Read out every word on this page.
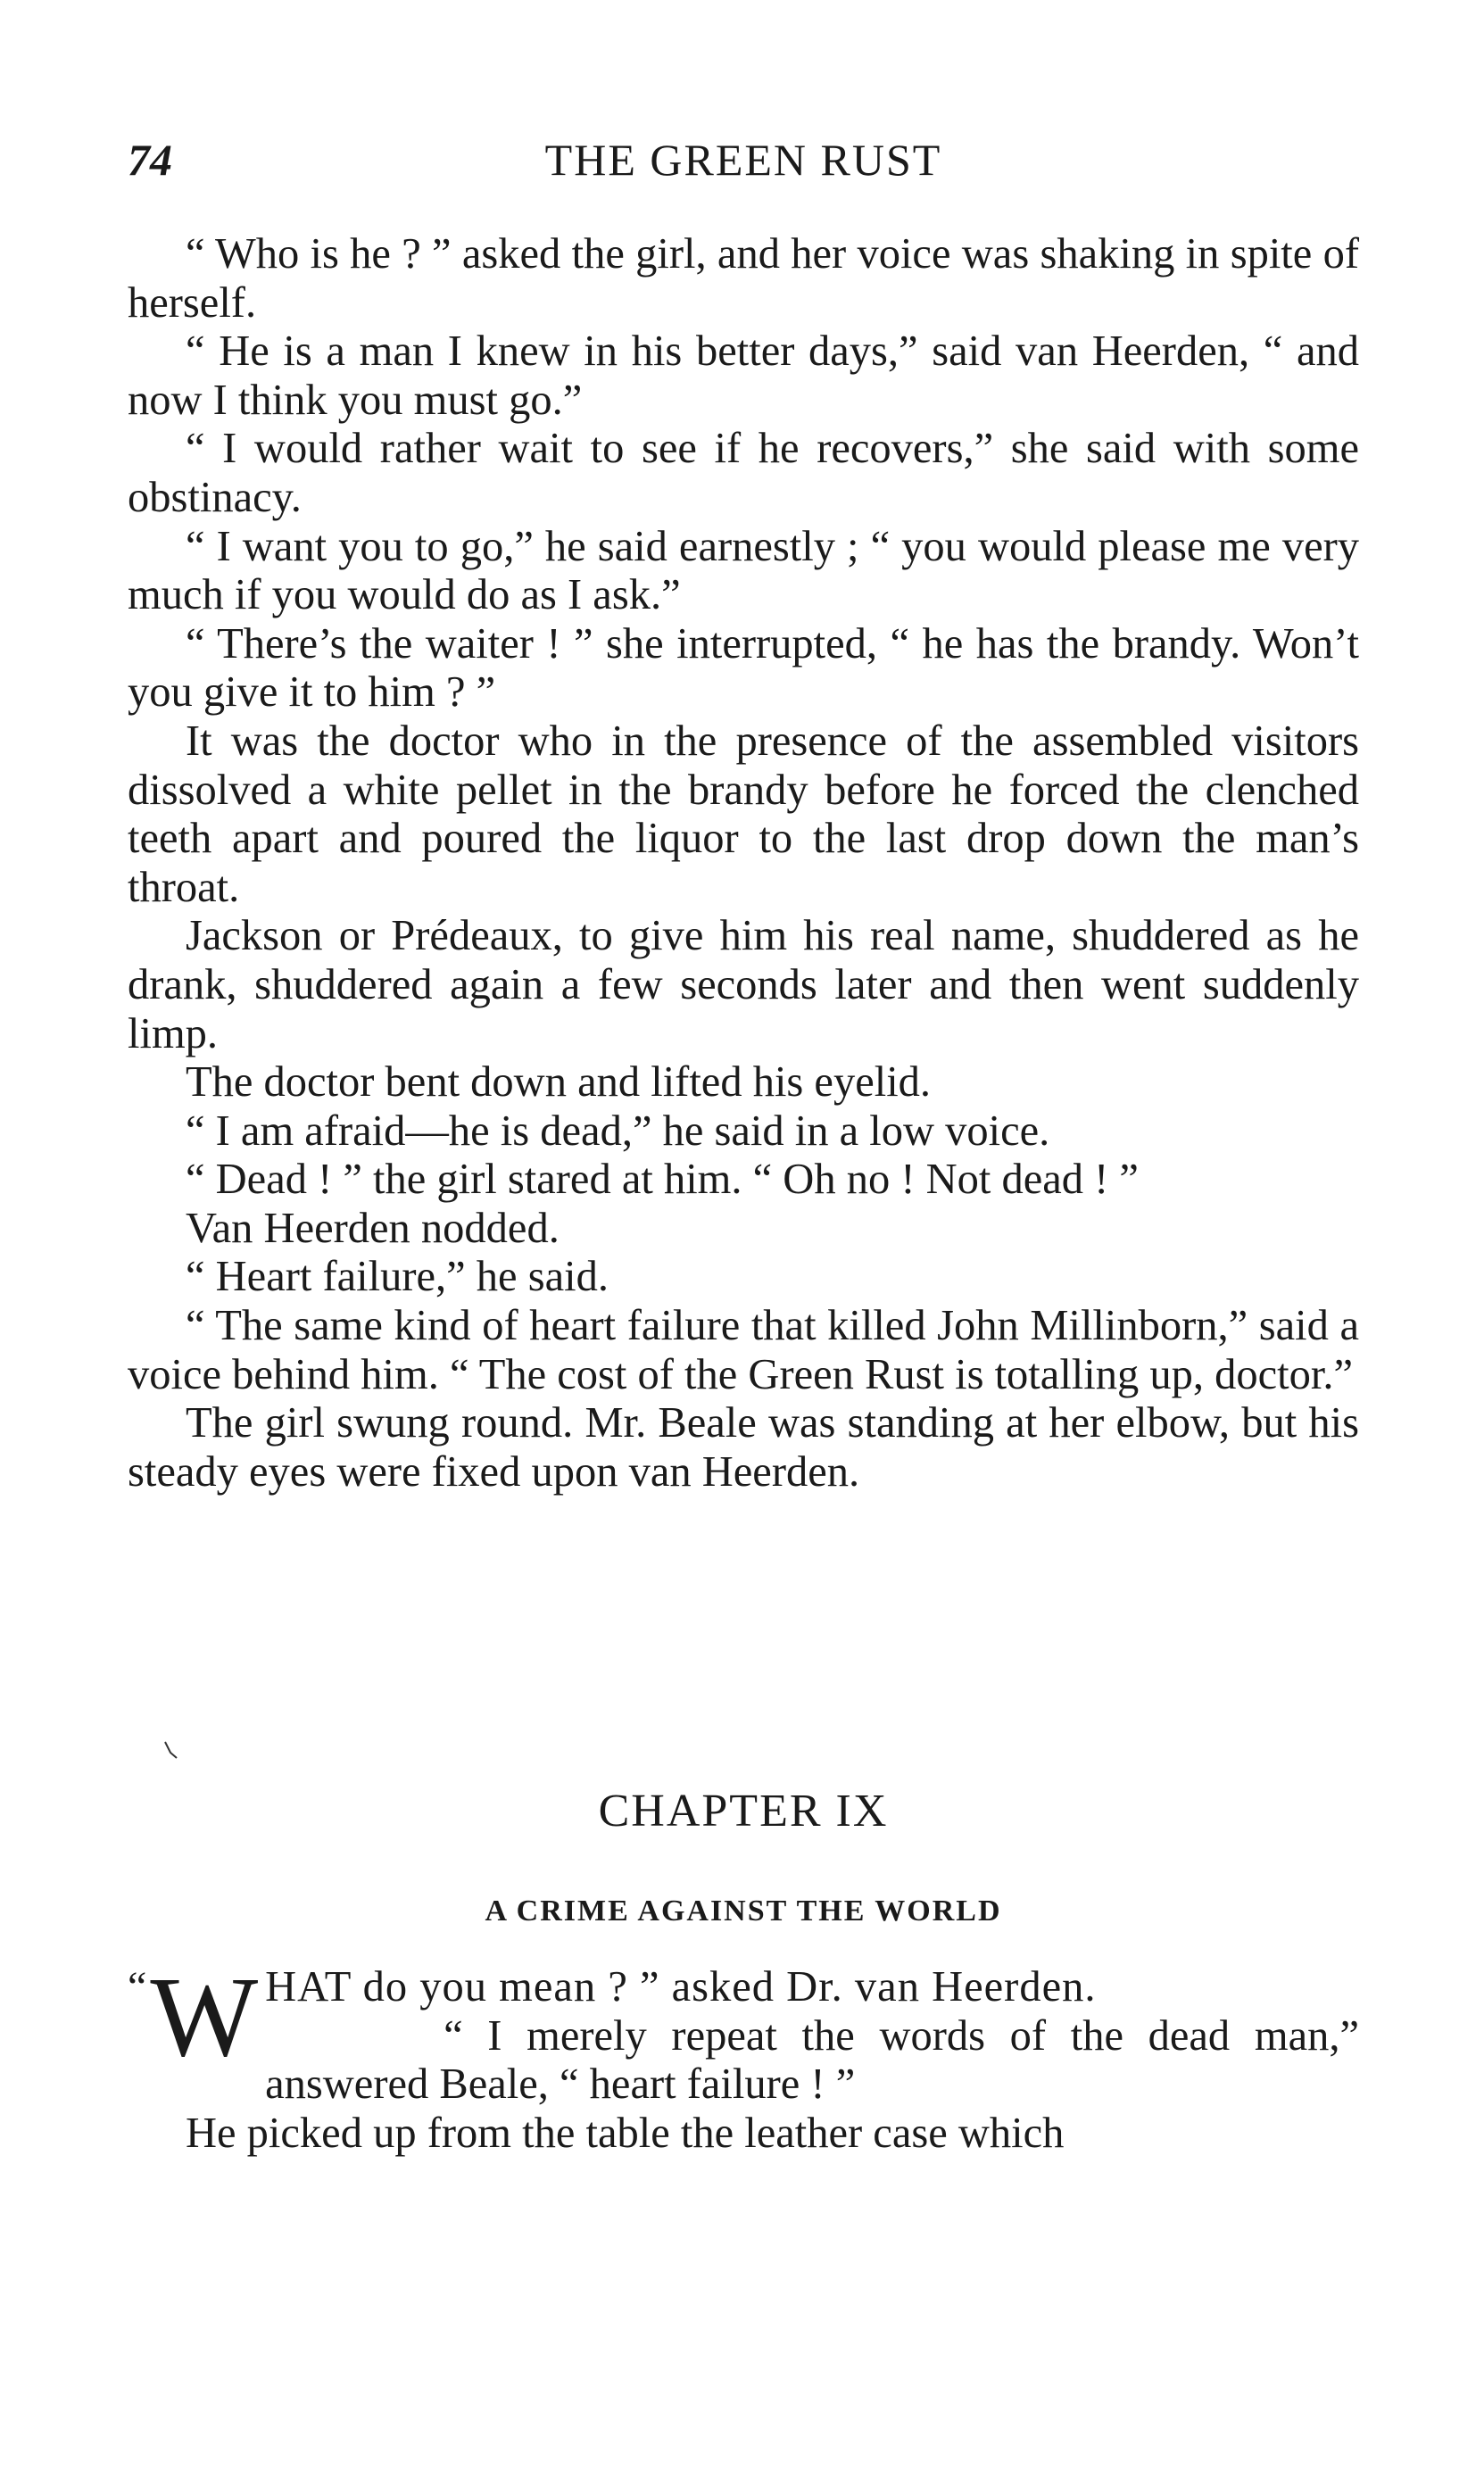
74	THE GREEN RUST

“ Who is he ? ” asked the girl, and her voice was shaking in spite of herself.

“ He is a man I knew in his better days,” said van Heerden, “ and now I think you must go.”

“ I would rather wait to see if he recovers,” she said with some obstinacy.

“ I want you to go,” he said earnestly ; “ you would please me very much if you would do as I ask.”

“ There’s the waiter ! ” she interrupted, “ he has the brandy. Won’t you give it to him ? ”

It was the doctor who in the presence of the assembled visitors dissolved a white pellet in the brandy before he forced the clenched teeth apart and poured the liquor to the last drop down the man’s throat.

Jackson or Prédeaux, to give him his real name, shuddered as he drank, shuddered again a few seconds later and then went suddenly limp.

The doctor bent down and lifted his eyelid.

“ I am afraid—he is dead,” he said in a low voice.

“ Dead ! ” the girl stared at him. “ Oh no ! Not dead ! ”

Van Heerden nodded.

“ Heart failure,” he said.

“ The same kind of heart failure that killed John Millinborn,” said a voice behind him. “ The cost of the Green Rust is totalling up, doctor.”

The girl swung round. Mr. Beale was standing at her elbow, but his steady eyes were fixed upon van Heerden.

CHAPTER IX
A CRIME AGAINST THE WORLD

“ W HAT do you mean ? ” asked Dr. van Heerden.
“ I merely repeat the words of the dead man,” answered Beale, “ heart failure ! ”

He picked up from the table the leather case which
